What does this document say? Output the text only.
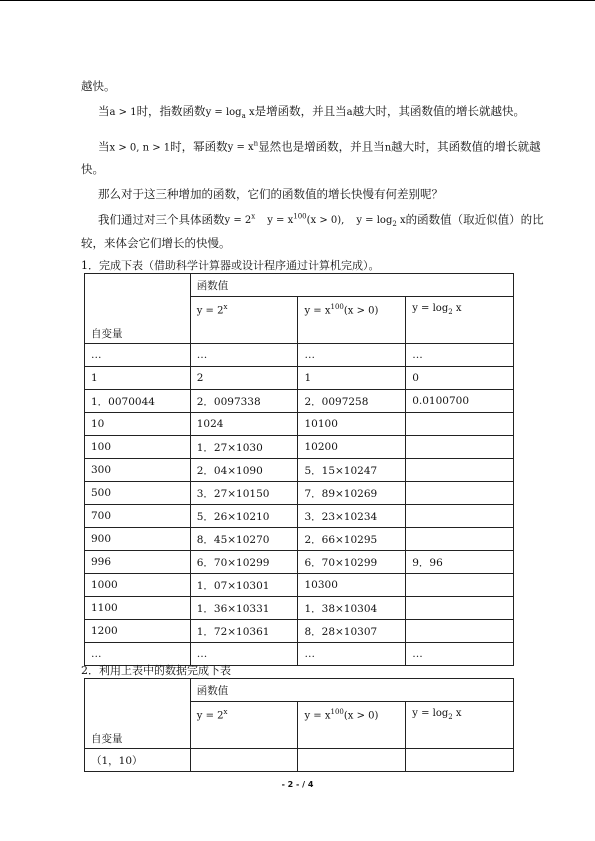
越快。
当a > 1时，指数函数$y = \log_a x$是增函数，并且当a越大时，其函数值的增长就越快。
当x > 0, n > 1时，幂函数$y = x^n$显然也是增函数，并且当n越大时，其函数值的增长就越
快。
那么对于这三种增加的函数，它们的函数值的增长快慢有何差别呢？
我们通过对三个具体函数$y = 2^x$ $y = x^{100}(x > 0)$, $y = \log_2 x$的函数值（取近似值）的比
较，来体会它们增长的快慢。
1．完成下表（借助科学计算器或设计程序通过计算机完成）。
自变量	函数值		
	$y = 2^x$	$y = x^{100}(x > 0)$	$y = \log_2 x$
…	…	…	…
1	2	1	0
1．0070044	2．0097338	2．0097258	0.0100700
10	1024	10100	
100	1．27×1030	10200	
300	2．04×1090	5．15×10247	
500	3．27×10150	7．89×10269	
700	5．26×10210	3．23×10234	
900	8．45×10270	2．66×10295	
996	6．70×10299	6．70×10299	9．96
1000	1．07×10301	10300	
1100	1．36×10331	1．38×10304	
1200	1．72×10361	8．28×10307	
…	…	…	…
2．利用上表中的数据完成下表
自变量	函数值		
	$y = 2^x$	$y = x^{100}(x > 0)$	$y = \log_2 x$
（1，10）			
- 2 - / 4
